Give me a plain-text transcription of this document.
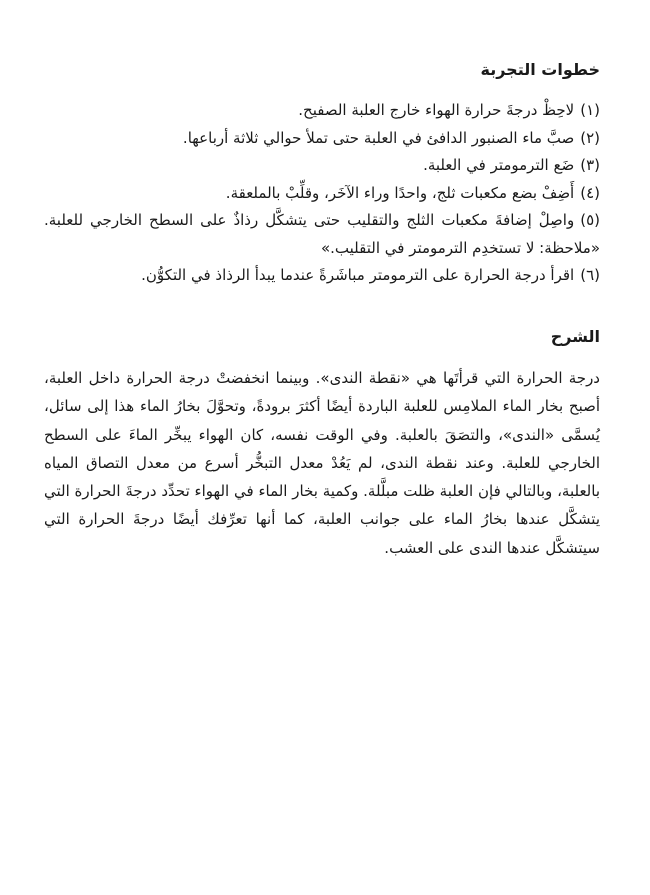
خطوات التجربة
(١)لاحِظْ درجةَ حرارة الهواء خارج العلبة الصفيح.
(٢)صبَّ ماء الصنبور الدافئ في العلبة حتى تملأ حوالي ثلاثة أرباعها.
(٣)ضَع الترمومتر في العلبة.
(٤)أَضِفْ بضع مكعبات ثلج، واحدًا وراء الآخَر، وقلِّبْ بالملعقة.
(٥)واصِلْ إضافةَ مكعبات الثلج والتقليب حتى يتشكَّل رذاذٌ على السطح الخارجي للعلبة. «ملاحظة: لا تستخدِم الترمومتر في التقليب.»
(٦)اقرأ درجة الحرارة على الترمومتر مباشَرةً عندما يبدأ الرذاذ في التكوُّن.
الشرح

درجة الحرارة التي قرأتَها هي «نقطة الندى». وبينما انخفضتْ درجة الحرارة داخل العلبة، أصبح بخار الماء الملامِس للعلبة الباردة أيضًا أكثرَ برودةً، وتحوَّلَ بخارُ الماء هذا إلى سائل، يُسمَّى «الندى»، والتصَقَ بالعلبة. وفي الوقت نفسه، كان الهواء يبخِّر الماءَ على السطح الخارجي للعلبة. وعند نقطة الندى، لم يَعُدْ معدل التبخُّر أسرع من معدل التصاق المياه بالعلبة، وبالتالي فإن العلبة ظلت مبلَّلة. وكمية بخار الماء في الهواء تحدِّد درجةَ الحرارة التي يتشكَّل عندها بخارُ الماء على جوانب العلبة، كما أنها تعرِّفك أيضًا درجةَ الحرارة التي سيتشكَّل عندها الندى على العشب.
